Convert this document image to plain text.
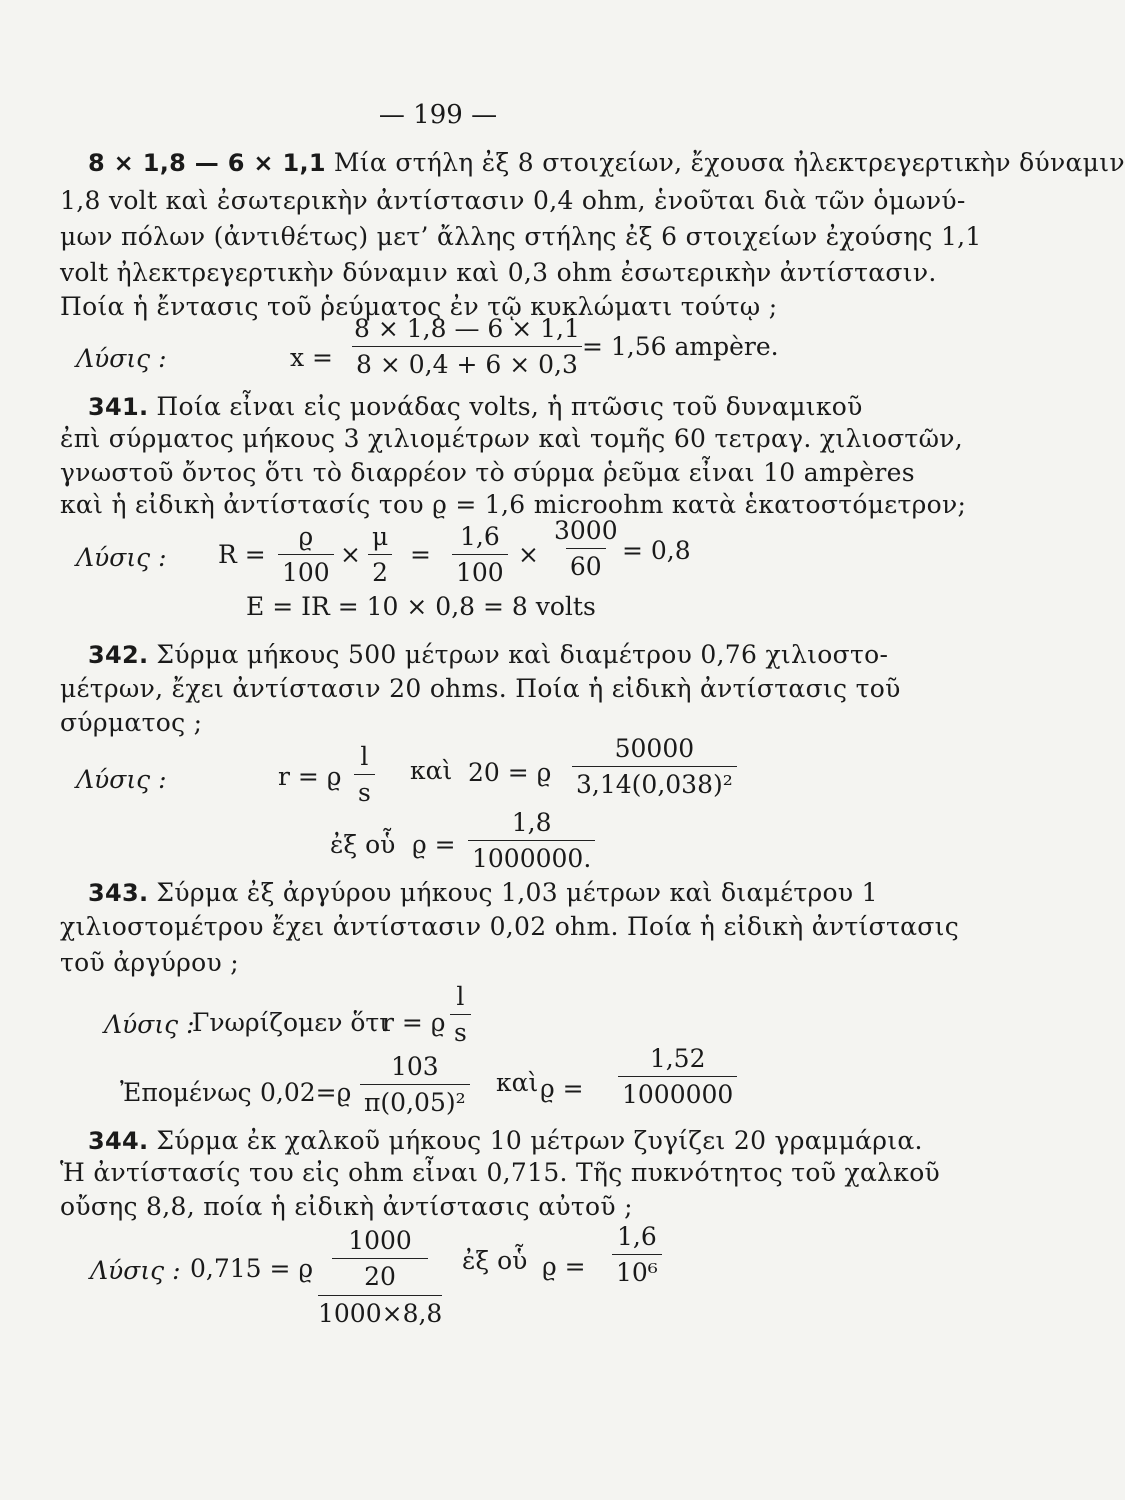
— 199 —
8 × 1,8 — 6 × 1,1 Μία στήλη ἐξ 8 στοιχείων, ἔχουσα ἠλεκτρεγερτικὴν δύναμιν
1,8 volt καὶ ἐσωτερικὴν ἀντίστασιν 0,4 ohm, ἑνοῦται διὰ τῶν ὁμωνύ-
μων πόλων (ἀντιθέτως) μετ’ ἄλλης στήλης ἐξ 6 στοιχείων ἐχούσης 1,1
volt ἠλεκτρεγερτικὴν δύναμιν καὶ 0,3 ohm ἐσωτερικὴν ἀντίστασιν.
Ποία ἡ ἔντασις τοῦ ῥεύματος ἐν τῷ κυκλώματι τούτῳ ;
Λύσις :	$x = \frac{8 \times 1,8 — 6 \times 1,1}{8 \times 0,4 + 6 \times 0,3}$
= 1,56 ampère.
341. Ποία εἶναι εἰς μονάδας volts, ἡ πτῶσις τοῦ δυναμικοῦ
ἐπὶ σύρματος μήκους 3 χιλιομέτρων καὶ τομῆς 60 τετραγ. χιλιοστῶν,
γνωστοῦ ὄντος ὅτι τὸ διαρρέον τὸ σύρμα ῥεῦμα εἶναι 10 ampères
καὶ ἡ εἰδικὴ ἀντίστασίς του ϱ = 1,6 microohm κατὰ ἑκατοστόμετρον;
Λύσις : $R = \frac{ϱ}{100} \times \frac{\mu}{2} = \frac{1,6}{100} \times \frac{3000}{60} = 0,8$
E = IR = 10 × 0,8 = 8 volts
342. Σύρμα μήκους 500 μέτρων καὶ διαμέτρου 0,76 χιλιοστο-
μέτρων, ἔχει ἀντίστασιν 20 ohms. Ποία ἡ εἰδικὴ ἀντίστασις τοῦ
σύρματος ;
Λύσις :	r = ϱ $\frac{l}{s}$ καὶ 20 = ϱ $\frac{50000}{\text{3,14(0,038)²}}$
ἐξ οὗ $ϱ = \frac{1,8}{1000000.}$
343. Σύρμα ἐξ ἀργύρου μήκους 1,03 μέτρων καὶ διαμέτρου 1
χιλιοστομέτρου ἔχει ἀντίστασιν 0,02 ohm. Ποία ἡ εἰδικὴ ἀντίστασις
τοῦ ἀργύρου ;
Λύσις :
Γνωρίζομεν ὅτι
r = ϱ $\frac{l}{s}$
Ἐπομένως $0,02=ϱ \frac{103}{\text{π(0,05)²}}$ καὶ $ϱ = \frac{1,52}{1000000}$
344. Σύρμα ἐκ χαλκοῦ μήκους 10 μέτρων ζυγίζει 20 γραμμάρια.
Ἡ ἀντίστασίς του εἰς ohm εἶναι 0,715. Τῆς πυκνότητος τοῦ χαλκοῦ
οὔσης 8,8, ποία ἡ εἰδικὴ ἀντίστασις αὐτοῦ ;
Λύσις : 0,715 = ϱ
1000
20
1000×8,8
ἐξ οὗ $ϱ = \frac{1,6}{\text{10⁶}}$
